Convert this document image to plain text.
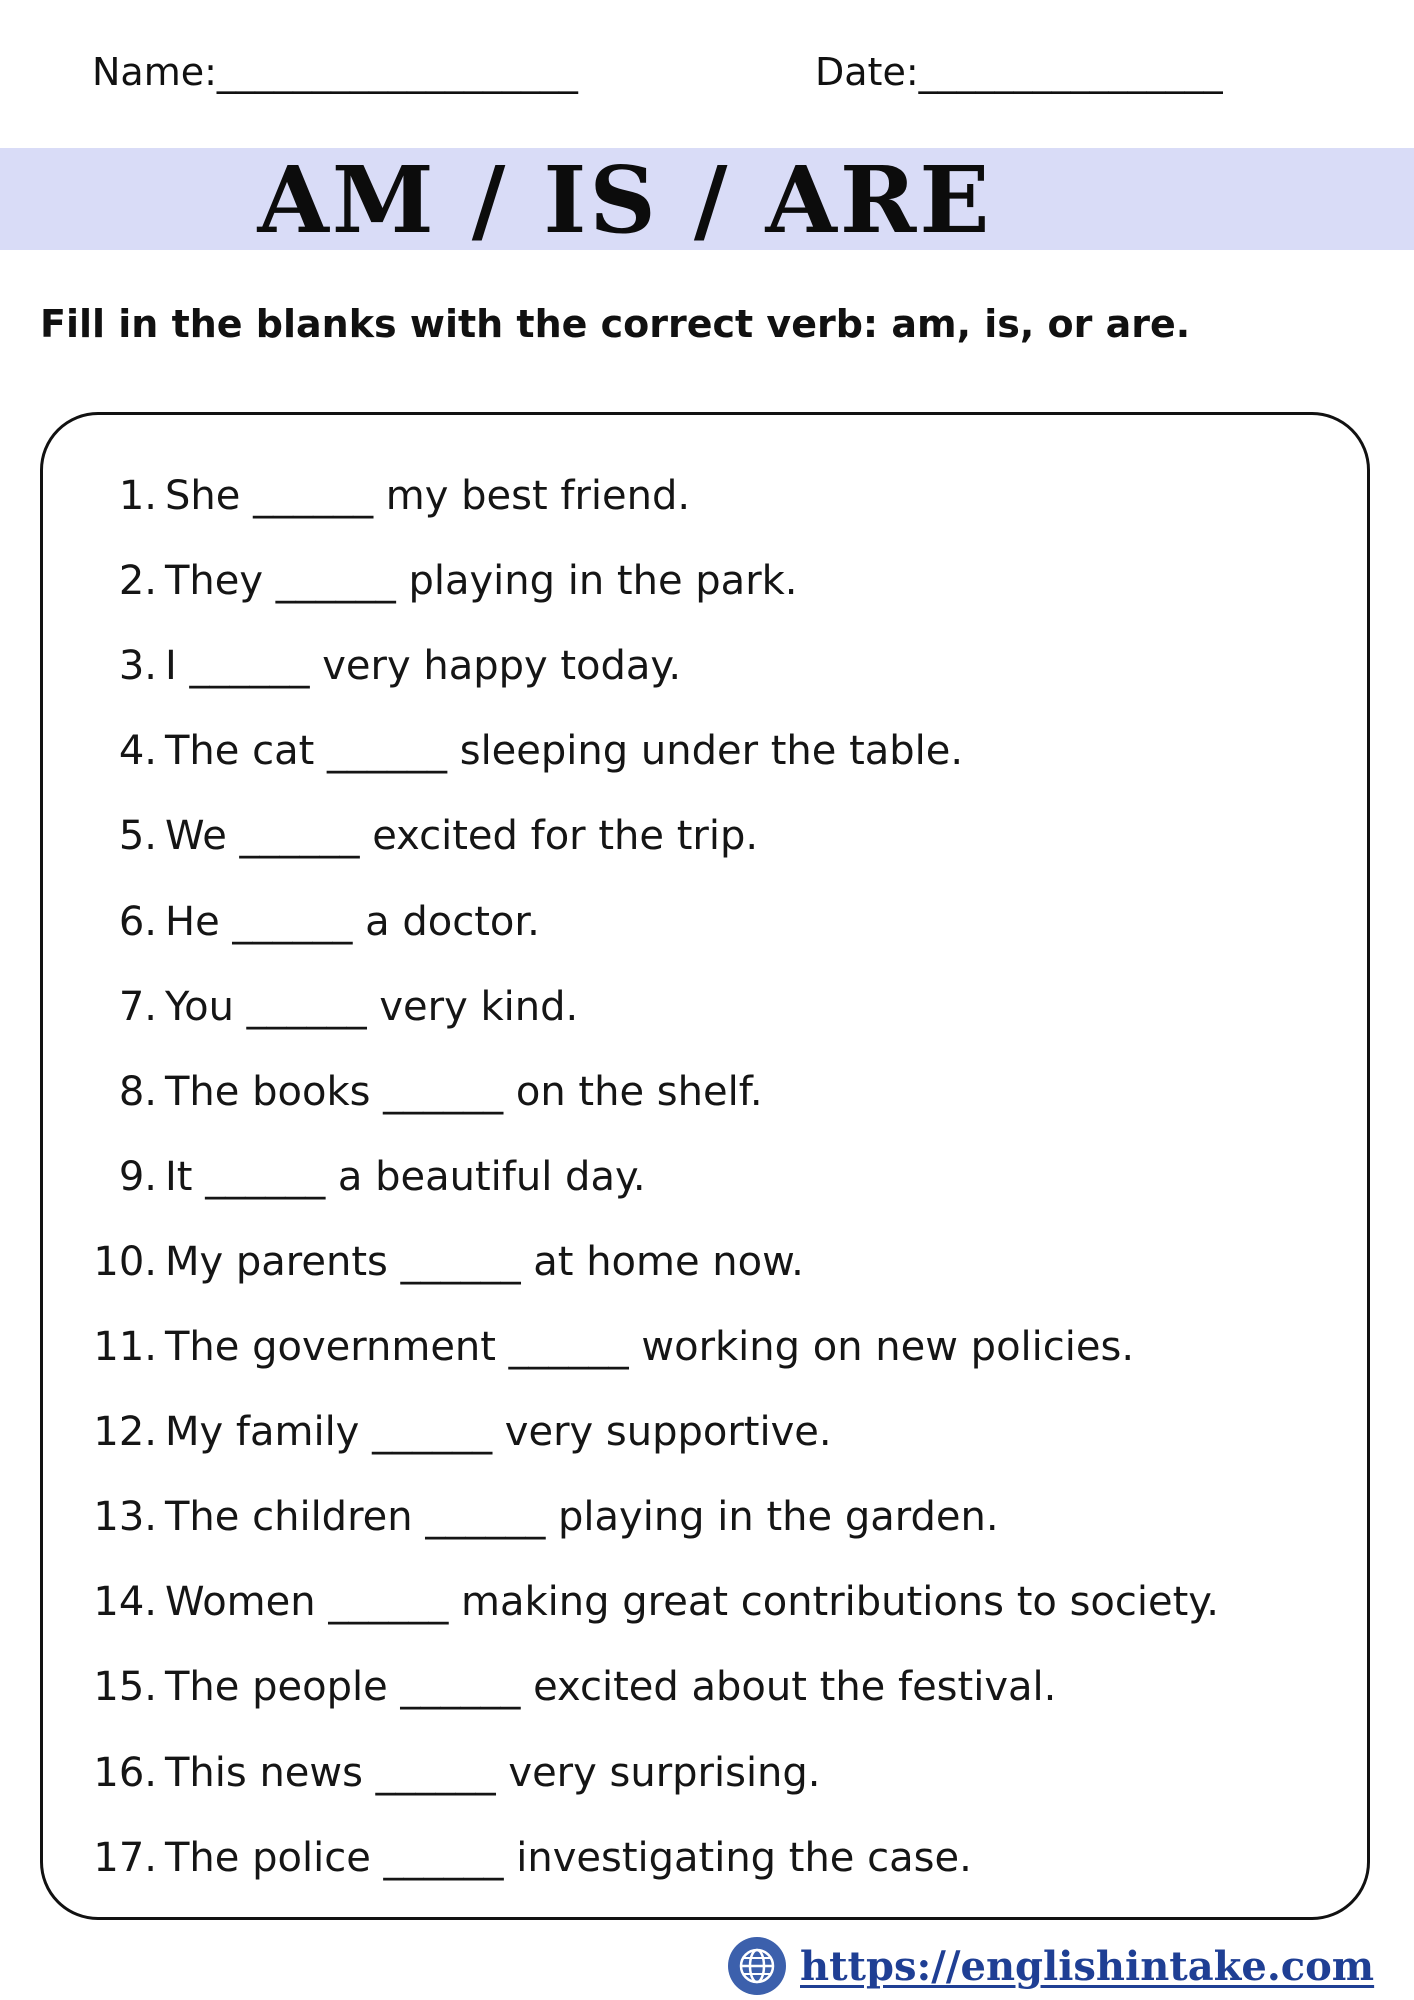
Name:___________________	Date:________________
AM / IS / ARE
Fill in the blanks with the correct verb: am, is, or are.
1. She ______ my best friend.
2. They ______ playing in the park.
3. I ______ very happy today.
4. The cat ______ sleeping under the table.
5. We ______ excited for the trip.
6. He ______ a doctor.
7. You ______ very kind.
8. The books ______ on the shelf.
9. It ______ a beautiful day.
10. My parents ______ at home now.
11. The government ______ working on new policies.
12. My family ______ very supportive.
13. The children ______ playing in the garden.
14. Women ______ making great contributions to society.
15. The people ______ excited about the festival.
16. This news ______ very surprising.
17. The police ______ investigating the case.
https://englishintake.com
